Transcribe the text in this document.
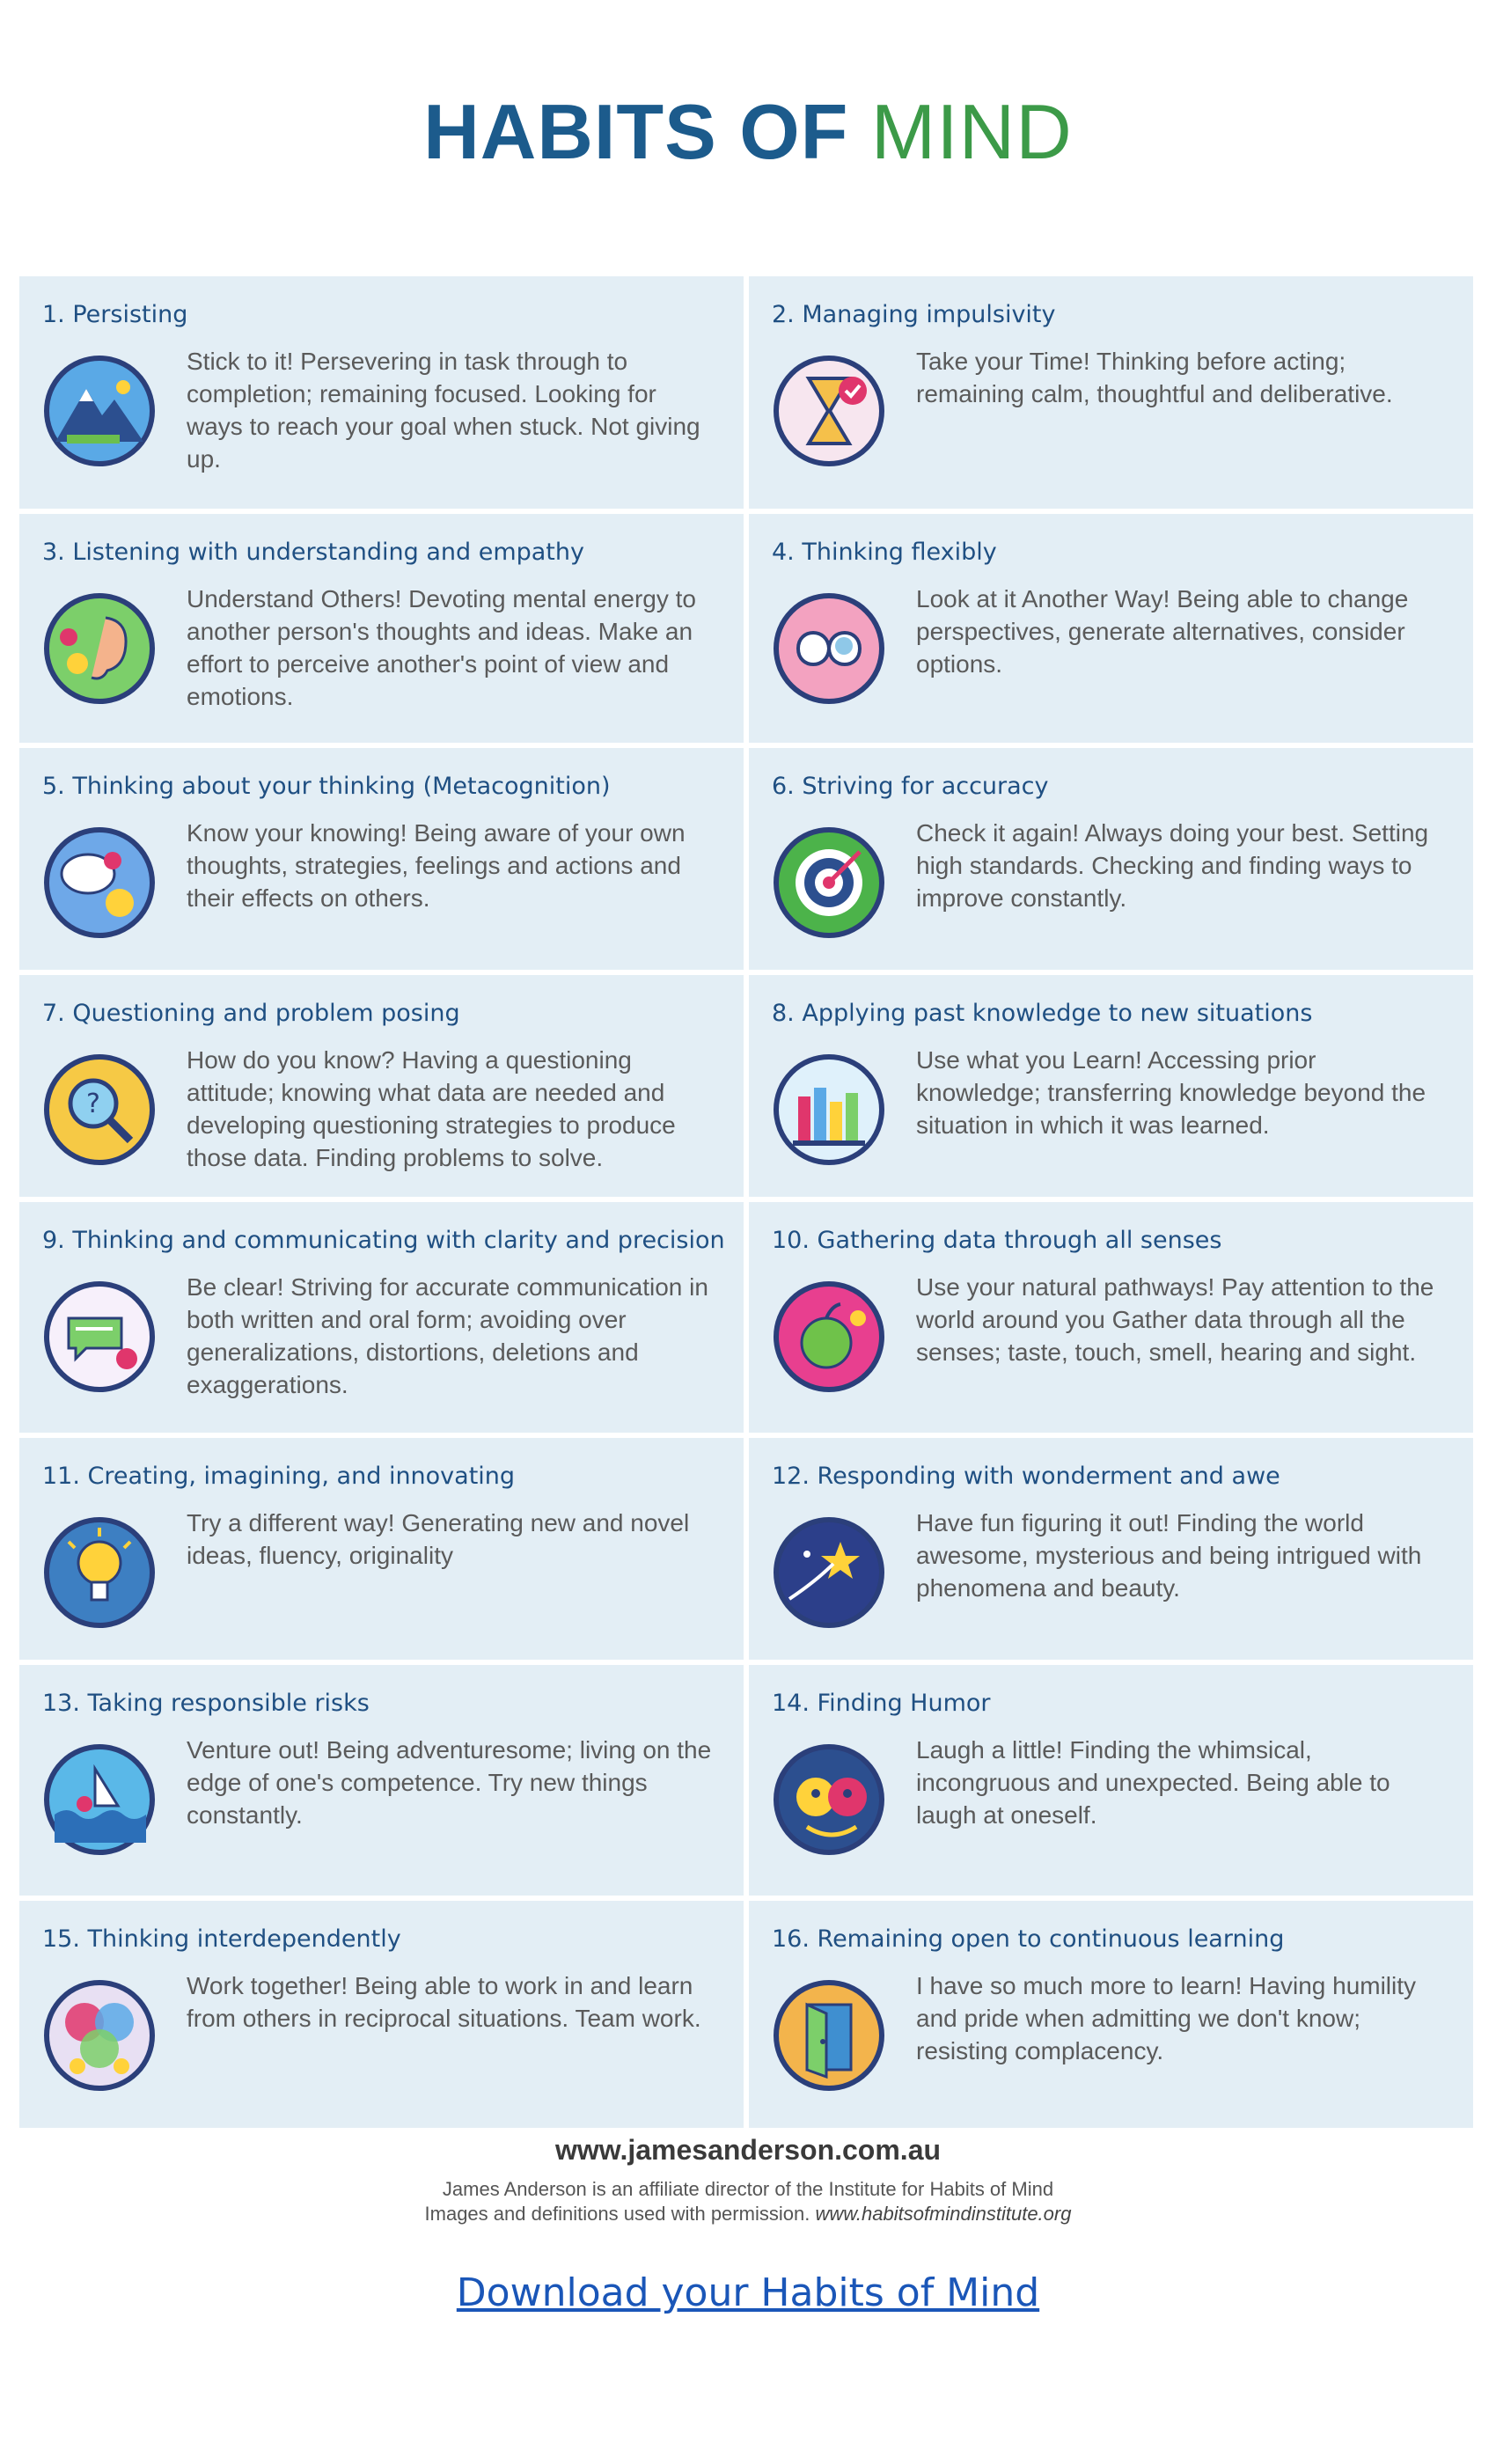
HABITS OF MIND
1. Persisting
Stick to it! Persevering in task through to completion; remaining focused. Looking for ways to reach your goal when stuck. Not giving up.
2. Managing impulsivity
Take your Time! Thinking before acting; remaining calm, thoughtful and deliberative.
3. Listening with understanding and empathy
Understand Others! Devoting mental energy to another person's thoughts and ideas. Make an effort to perceive another's point of view and emotions.
4. Thinking flexibly
Look at it Another Way! Being able to change perspectives, generate alternatives, consider options.
5. Thinking about your thinking (Metacognition)
Know your knowing! Being aware of your own thoughts, strategies, feelings and actions and their effects on others.
6. Striving for accuracy
Check it again! Always doing your best. Setting high standards. Checking and finding ways to improve constantly.
7. Questioning and problem posing
?
How do you know? Having a questioning attitude; knowing what data are needed and developing questioning strategies to produce those data. Finding problems to solve.
8. Applying past knowledge to new situations
Use what you Learn! Accessing prior knowledge; transferring knowledge beyond the situation in which it was learned.
9. Thinking and communicating with clarity and precision
Be clear! Striving for accurate communication in both written and oral form; avoiding over generalizations, distortions, deletions and exaggerations.
10. Gathering data through all senses
Use your natural pathways! Pay attention to the world around you Gather data through all the senses; taste, touch, smell, hearing and sight.
11. Creating, imagining, and innovating
Try a different way! Generating new and novel ideas, fluency, originality
12. Responding with wonderment and awe
Have fun figuring it out! Finding the world awesome, mysterious and being intrigued with phenomena and beauty.
13. Taking responsible risks
Venture out! Being adventuresome; living on the edge of one's competence. Try new things constantly.
14. Finding Humor
Laugh a little! Finding the whimsical, incongruous and unexpected. Being able to laugh at oneself.
15. Thinking interdependently
Work together! Being able to work in and learn from others in reciprocal situations. Team work.
16. Remaining open to continuous learning
I have so much more to learn! Having humility and pride when admitting we don't know; resisting complacency.
www.jamesanderson.com.au
James Anderson is an affiliate director of the Institute for Habits of Mind
Images and definitions used with permission. www.habitsofmindinstitute.org
Download your Habits of Mind
